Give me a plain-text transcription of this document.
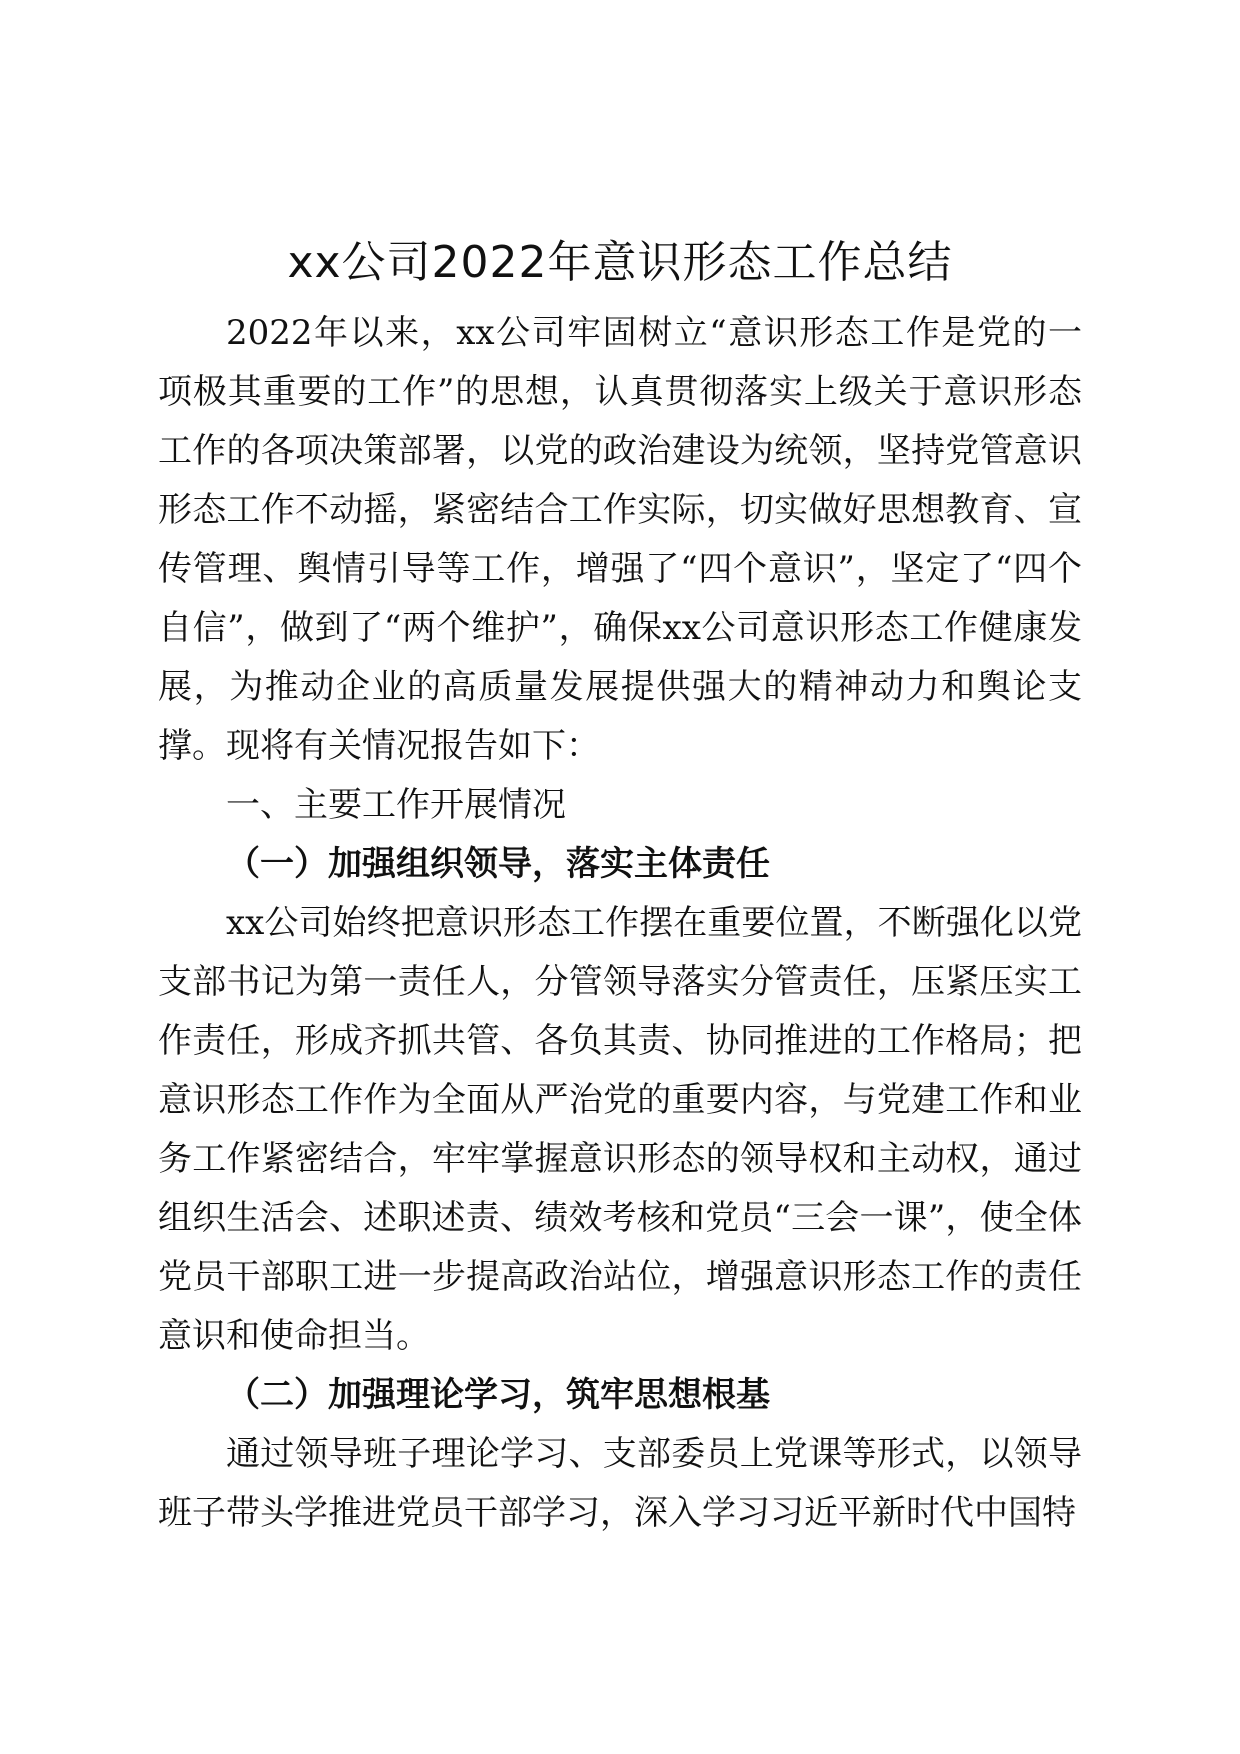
xx公司2022年意识形态工作总结

2022年以来，xx公司牢固树立“意识形态工作是党的一项极其重要的工作”的思想，认真贯彻落实上级关于意识形态工作的各项决策部署，以党的政治建设为统领，坚持党管意识形态工作不动摇，紧密结合工作实际，切实做好思想教育、宣传管理、舆情引导等工作，增强了“四个意识”，坚定了“四个自信”，做到了“两个维护”，确保xx公司意识形态工作健康发展，为推动企业的高质量发展提供强大的精神动力和舆论支撑。现将有关情况报告如下：

一、主要工作开展情况
（一）加强组织领导，落实主体责任

xx公司始终把意识形态工作摆在重要位置，不断强化以党支部书记为第一责任人，分管领导落实分管责任，压紧压实工作责任，形成齐抓共管、各负其责、协同推进的工作格局；把意识形态工作作为全面从严治党的重要内容，与党建工作和业务工作紧密结合，牢牢掌握意识形态的领导权和主动权，通过组织生活会、述职述责、绩效考核和党员“三会一课”，使全体党员干部职工进一步提高政治站位，增强意识形态工作的责任意识和使命担当。

（二）加强理论学习，筑牢思想根基

通过领导班子理论学习、支部委员上党课等形式，以领导班子带头学推进党员干部学习，深入学习习近平新时代中国特
